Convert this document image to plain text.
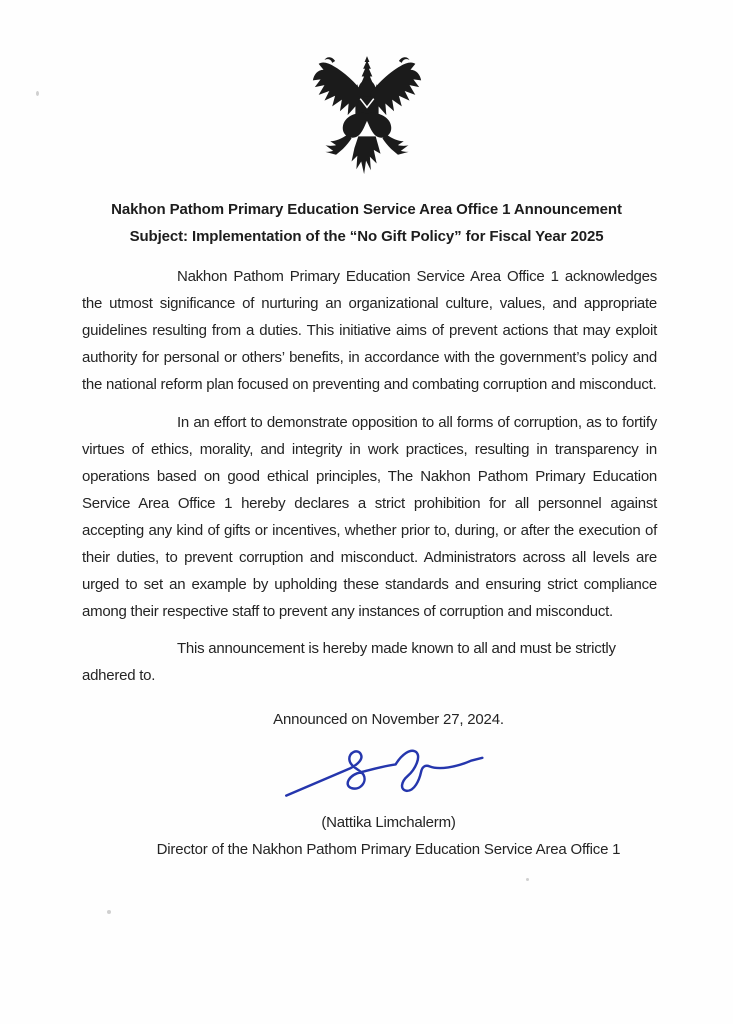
Nakhon Pathom Primary Education Service Area Office 1 Announcement
Subject: Implementation of the “No Gift Policy” for Fiscal Year 2025

Nakhon Pathom Primary Education Service Area Office 1 acknowledges the utmost significance of nurturing an organizational culture, values, and appropriate guidelines resulting from a duties. This initiative aims of prevent actions that may exploit authority for personal or others’ benefits, in accordance with the government’s policy and the national reform plan focused on preventing and combating corruption and misconduct.

In an effort to demonstrate opposition to all forms of corruption, as to fortify virtues of ethics, morality, and integrity in work practices, resulting in transparency in operations based on good ethical principles, The Nakhon Pathom Primary Education Service Area Office 1 hereby declares a strict prohibition for all personnel against accepting any kind of gifts or incentives, whether prior to, during, or after the execution of their duties, to prevent corruption and misconduct. Administrators across all levels are urged to set an example by upholding these standards and ensuring strict compliance among their respective staff to prevent any instances of corruption and misconduct.

This announcement is hereby made known to all and must be strictly adhered to.

Announced on November 27, 2024.
(Nattika Limchalerm)
Director of the Nakhon Pathom Primary Education Service Area Office 1
